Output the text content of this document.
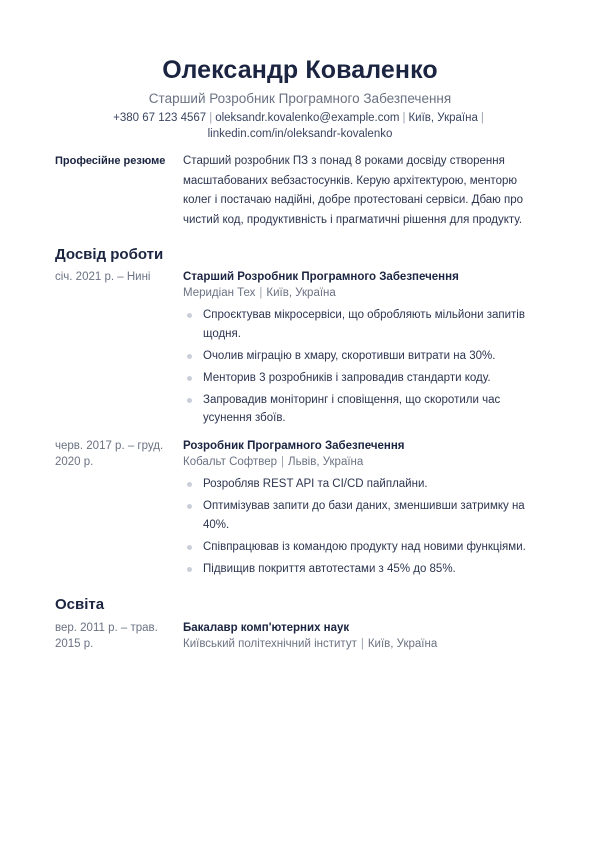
Олександр Коваленко
Старший Розробник Програмного Забезпечення
+380 67 123 4567 | oleksandr.kovalenko@example.com | Київ, Україна |
linkedin.com/in/oleksandr-kovalenko
Професійне резюме	Старший розробник ПЗ з понад 8 роками досвіду створення масштабованих вебзастосунків. Керую архітектурою, менторю колег і постачаю надійні, добре протестовані сервіси. Дбаю про чистий код, продуктивність і прагматичні рішення для продукту.
Досвід роботи
січ. 2021 р. – Нині	Старший Розробник Програмного Забезпечення
Меридіан Тех | Київ, Україна
Спроєктував мікросервіси, що обробляють мільйони запитів щодня.
Очолив міграцію в хмару, скоротивши витрати на 30%.
Менторив 3 розробників і запровадив стандарти коду.
Запровадив моніторинг і сповіщення, що скоротили час усунення збоїв.
черв. 2017 р. – груд. 2020 р.
Розробник Програмного Забезпечення
Кобальт Софтвер | Львів, Україна
Розробляв REST API та CI/CD пайплайни.
Оптимізував запити до бази даних, зменшивши затримку на 40%.
Співпрацював із командою продукту над новими функціями.
Підвищив покриття автотестами з 45% до 85%.
Освіта
вер. 2011 р. – трав. 2015 р.
Бакалавр комп'ютерних наук
Київський політехнічний інститут | Київ, Україна
